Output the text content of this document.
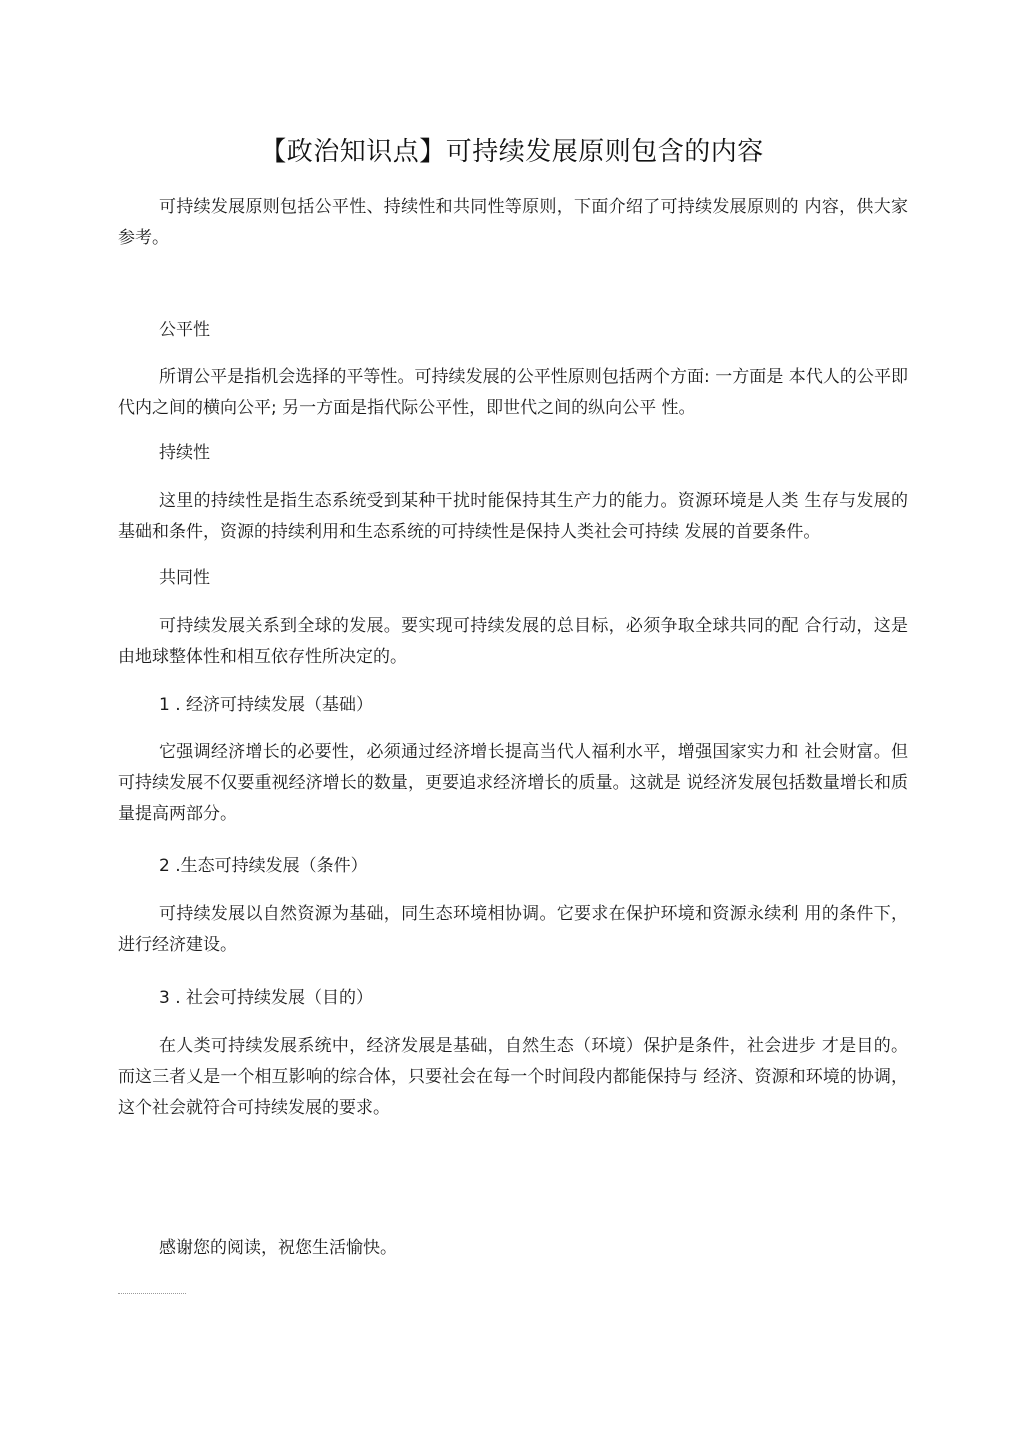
【政治知识点】可持续发展原则包含的内容
可持续发展原则包括公平性、持续性和共同性等原则，下面介绍了可持续发展原则的 内容，供大家参考。
公平性
所谓公平是指机会选择的平等性。可持续发展的公平性原则包括两个方面: 一方面是 本代人的公平即代内之间的横向公平; 另一方面是指代际公平性，即世代之间的纵向公平 性。
持续性
这里的持续性是指生态系统受到某种干扰时能保持其生产力的能力。资源环境是人类 生存与发展的基础和条件，资源的持续利用和生态系统的可持续性是保持人类社会可持续 发展的首要条件。
共同性
可持续发展关系到全球的发展。要实现可持续发展的总目标，必须争取全球共同的配 合行动，这是由地球整体性和相互依存性所决定的。
1 . 经济可持续发展（基础）
它强调经济增长的必要性，必须通过经济增长提高当代人福利水平，增强国家实力和 社会财富。但可持续发展不仅要重视经济增长的数量，更要追求经济增长的质量。这就是 说经济发展包括数量增长和质量提高两部分。
2 .生态可持续发展（条件）
可持续发展以自然资源为基础，同生态环境相协调。它要求在保护环境和资源永续利 用的条件下，进行经济建设。
3 . 社会可持续发展（目的）
在人类可持续发展系统中，经济发展是基础，自然生态（环境）保护是条件，社会进步 才是目的。而这三者乂是一个相互影响的综合体，只要社会在每一个时间段内都能保持与 经济、资源和环境的协调，这个社会就符合可持续发展的要求。
感谢您的阅读，祝您生活愉快。
